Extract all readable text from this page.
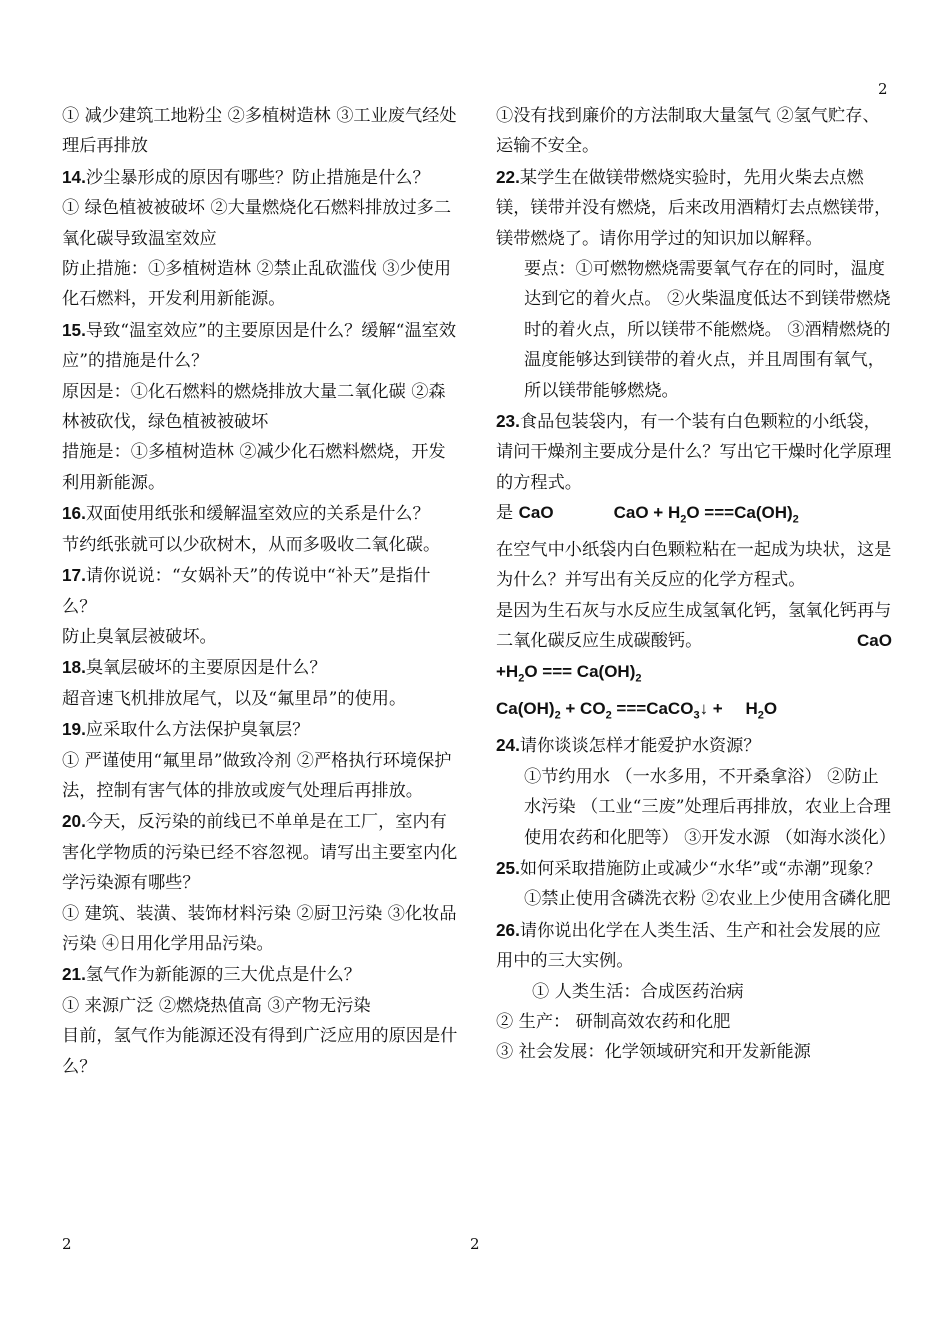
2

① 减少建筑工地粉尘 ②多植树造林 ③工业废气经处理后再排放

14.沙尘暴形成的原因有哪些？防止措施是什么？

① 绿色植被被破坏 ②大量燃烧化石燃料排放过多二氧化碳导致温室效应

防止措施：①多植树造林 ②禁止乱砍滥伐 ③少使用化石燃料，开发利用新能源。

15.导致“温室效应”的主要原因是什么？缓解“温室效应”的措施是什么？

原因是：①化石燃料的燃烧排放大量二氧化碳 ②森林被砍伐，绿色植被被破坏

措施是：①多植树造林 ②减少化石燃料燃烧，开发利用新能源。

16.双面使用纸张和缓解温室效应的关系是什么？

节约纸张就可以少砍树木，从而多吸收二氧化碳。

17.请你说说：“女娲补天”的传说中“补天”是指什么？

防止臭氧层被破坏。

18.臭氧层破坏的主要原因是什么？

超音速飞机排放尾气，以及“氟里昂”的使用。

19.应采取什么方法保护臭氧层？

① 严谨使用“氟里昂”做致冷剂 ②严格执行环境保护法，控制有害气体的排放或废气处理后再排放。

20.今天，反污染的前线已不单单是在工厂，室内有害化学物质的污染已经不容忽视。请写出主要室内化学污染源有哪些？

① 建筑、装潢、装饰材料污染 ②厨卫污染 ③化妆品污染 ④日用化学用品污染。

21.氢气作为新能源的三大优点是什么？

① 来源广泛 ②燃烧热值高 ③产物无污染

目前，氢气作为能源还没有得到广泛应用的原因是什么？

①没有找到廉价的方法制取大量氢气 ②氢气贮存、运输不安全。

22.某学生在做镁带燃烧实验时，先用火柴去点燃镁，镁带并没有燃烧，后来改用酒精灯去点燃镁带，镁带燃烧了。请你用学过的知识加以解释。

要点：①可燃物燃烧需要氧气存在的同时，温度达到它的着火点。 ②火柴温度低达不到镁带燃烧时的着火点，所以镁带不能燃烧。 ③酒精燃烧的温度能够达到镁带的着火点，并且周围有氧气，所以镁带能够燃烧。

23.食品包装袋内，有一个装有白色颗粒的小纸袋，请问干燥剂主要成分是什么？写出它干燥时化学原理的方程式。

是 CaO	CaO + $H_2O ===Ca(OH)_2$

在空气中小纸袋内白色颗粒粘在一起成为块状，这是为什么？并写出有关反应的化学方程式。

是因为生石灰与水反应生成氢氧化钙，氢氧化钙再与二氧化碳反应生成碳酸钙。	CaO

$+H_2O$ === $Ca(OH)_2$

$Ca(OH)_2 + CO_2$ ===CaCO$_3$↓ + $H_2O$

24.请你谈谈怎样才能爱护水资源？

①节约用水 （一水多用，不开桑拿浴） ②防止水污染 （工业“三废”处理后再排放，农业上合理使用农药和化肥等） ③开发水源 （如海水淡化）

25.如何采取措施防止或减少“水华”或“赤潮”现象？

①禁止使用含磷洗衣粉 ②农业上少使用含磷化肥

26.请你说出化学在人类生活、生产和社会发展的应用中的三大实例。

① 人类生活：合成医药治病

② 生产： 研制高效农药和化肥

③ 社会发展：化学领域研究和开发新能源

2	2
